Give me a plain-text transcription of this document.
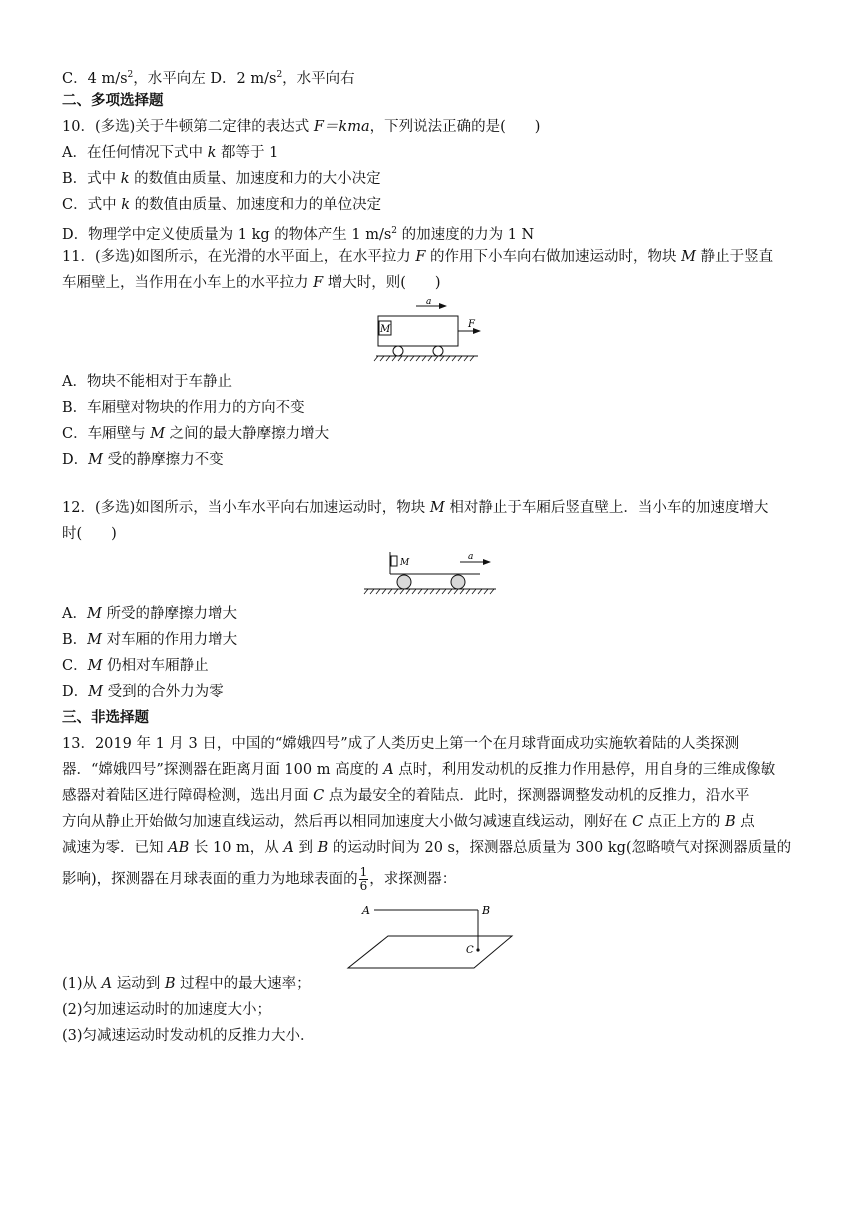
C．4 $m/s^2$，水平向左 D．2 $m/s^2$，水平向右
二、多项选择题
10．(多选)关于牛顿第二定律的表达式 F＝kma，下列说法正确的是(　　)
A．在任何情况下式中 k 都等于 1
B．式中 k 的数值由质量、加速度和力的大小决定
C．式中 k 的数值由质量、加速度和力的单位决定
D．物理学中定义使质量为 1 kg 的物体产生 1 $m/s^2$ 的加速度的力为 1 N
11．(多选)如图所示，在光滑的水平面上，在水平拉力 F 的作用下小车向右做加速运动时，物块 M 静止于竖直
车厢壁上，当作用在小车上的水平拉力 F 增大时，则(　　)
a
M	F
A．物块不能相对于车静止
B．车厢壁对物块的作用力的方向不变
C．车厢壁与 M 之间的最大静摩擦力增大
D．M 受的静摩擦力不变
12．(多选)如图所示，当小车水平向右加速运动时，物块 M 相对静止于车厢后竖直壁上．当小车的加速度增大
时(　　)
M
a
A．M 所受的静摩擦力增大
B．M 对车厢的作用力增大
C．M 仍相对车厢静止
D．M 受到的合外力为零
三、非选择题
13．2019 年 1 月 3 日，中国的“嫦娥四号”成了人类历史上第一个在月球背面成功实施软着陆的人类探测
器．“嫦娥四号”探测器在距离月面 100 m 高度的 A 点时，利用发动机的反推力作用悬停，用自身的三维成像敏
感器对着陆区进行障碍检测，选出月面 C 点为最安全的着陆点．此时，探测器调整发动机的反推力，沿水平
方向从静止开始做匀加速直线运动，然后再以相同加速度大小做匀减速直线运动，刚好在 C 点正上方的 B 点
减速为零．已知 AB 长 10 m，从 A 到 B 的运动时间为 20 s，探测器总质量为 300 kg(忽略喷气对探测器质量的
影响)，探测器在月球表面的重力为地球表面的 $\frac{1}{6}$ ，求探测器：
A	B
C
(1)从 A 运动到 B 过程中的最大速率；
(2)匀加速运动时的加速度大小；
(3)匀减速运动时发动机的反推力大小．
